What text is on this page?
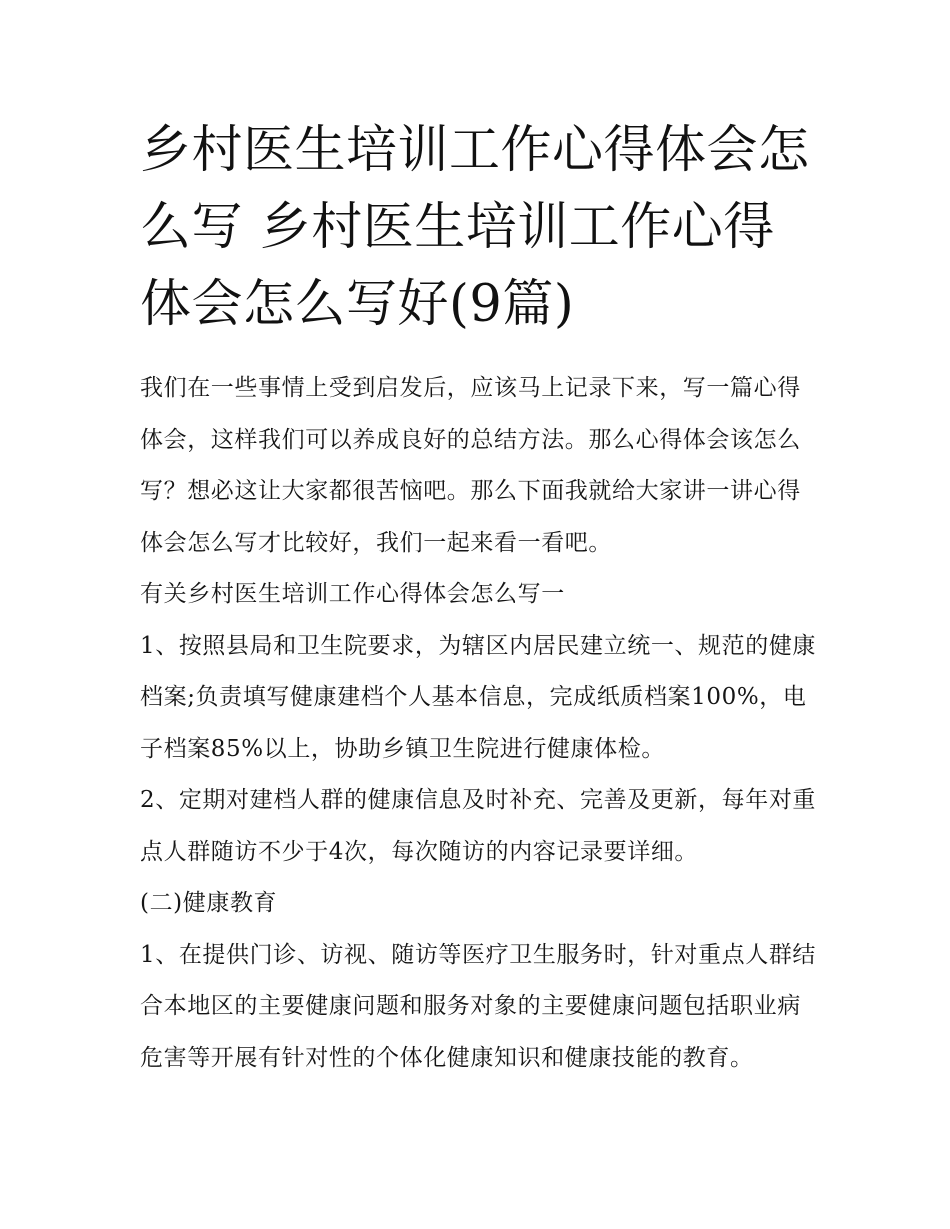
乡村医生培训工作心得体会怎么写 乡村医生培训工作心得体会怎么写好(9篇)

我们在一些事情上受到启发后，应该马上记录下来，写一篇心得体会，这样我们可以养成良好的总结方法。那么心得体会该怎么写？想必这让大家都很苦恼吧。那么下面我就给大家讲一讲心得体会怎么写才比较好，我们一起来看一看吧。

有关乡村医生培训工作心得体会怎么写一

1、按照县局和卫生院要求，为辖区内居民建立统一、规范的健康档案;负责填写健康建档个人基本信息，完成纸质档案100%，电子档案85%以上，协助乡镇卫生院进行健康体检。

2、定期对建档人群的健康信息及时补充、完善及更新，每年对重点人群随访不少于4次，每次随访的内容记录要详细。

(二)健康教育

1、在提供门诊、访视、随访等医疗卫生服务时，针对重点人群结合本地区的主要健康问题和服务对象的主要健康问题包括职业病危害等开展有针对性的个体化健康知识和健康技能的教育。
